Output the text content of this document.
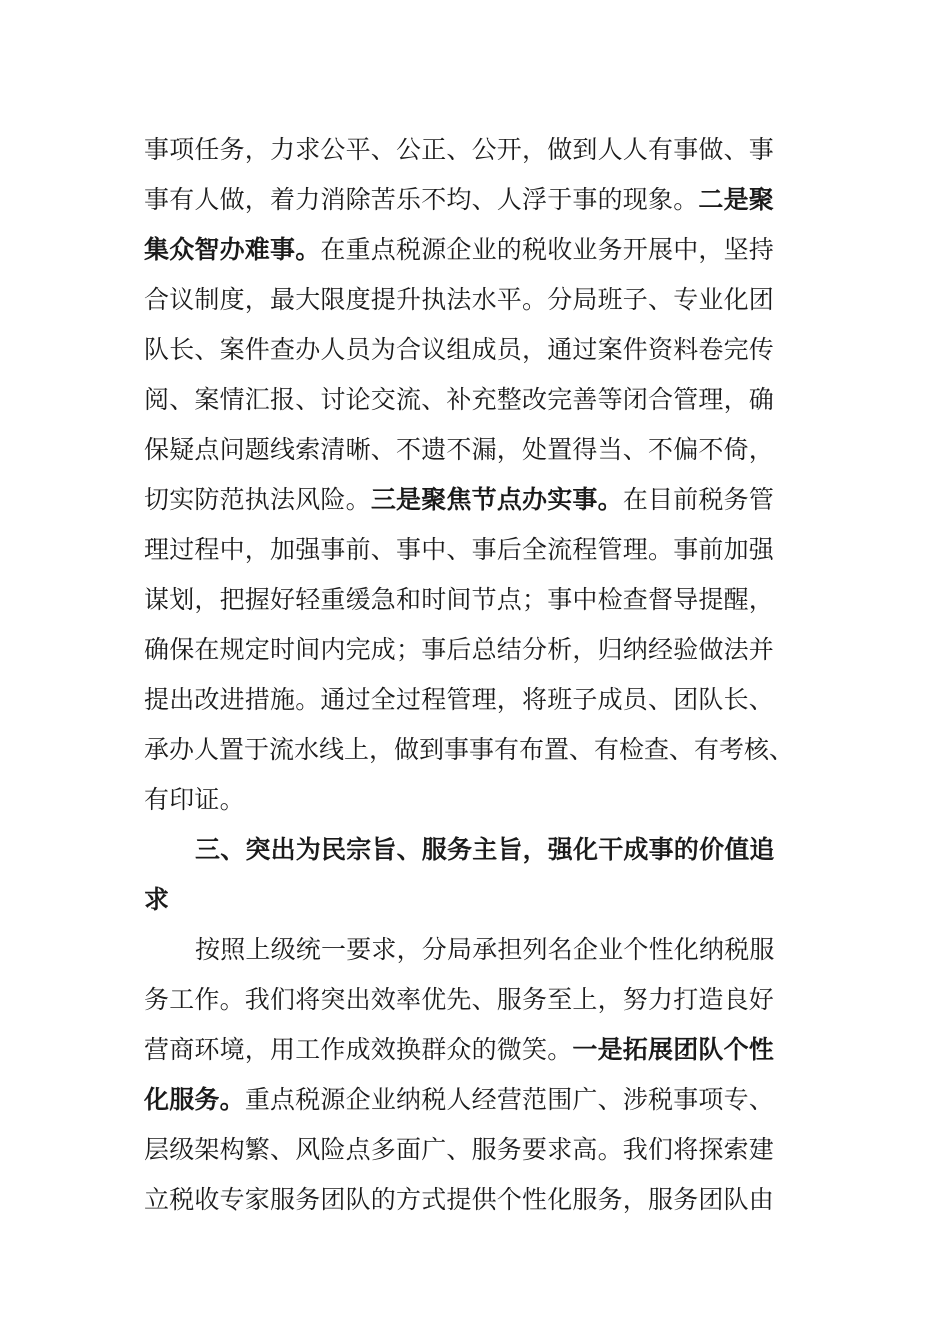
事项任务，力求公平、公正、公开，做到人人有事做、事
事有人做，着力消除苦乐不均、人浮于事的现象。二是聚
集众智办难事。在重点税源企业的税收业务开展中，坚持
合议制度，最大限度提升执法水平。分局班子、专业化团
队长、案件查办人员为合议组成员，通过案件资料卷完传
阅、案情汇报、讨论交流、补充整改完善等闭合管理，确
保疑点问题线索清晰、不遗不漏，处置得当、不偏不倚，
切实防范执法风险。三是聚焦节点办实事。在目前税务管
理过程中，加强事前、事中、事后全流程管理。事前加强
谋划，把握好轻重缓急和时间节点；事中检查督导提醒，
确保在规定时间内完成；事后总结分析，归纳经验做法并
提出改进措施。通过全过程管理，将班子成员、团队长、
承办人置于流水线上，做到事事有布置、有检查、有考核、
有印证。
三、突出为民宗旨、服务主旨，强化干成事的价值追
求
按照上级统一要求，分局承担列名企业个性化纳税服
务工作。我们将突出效率优先、服务至上，努力打造良好
营商环境，用工作成效换群众的微笑。一是拓展团队个性
化服务。重点税源企业纳税人经营范围广、涉税事项专、
层级架构繁、风险点多面广、服务要求高。我们将探索建
立税收专家服务团队的方式提供个性化服务，服务团队由
